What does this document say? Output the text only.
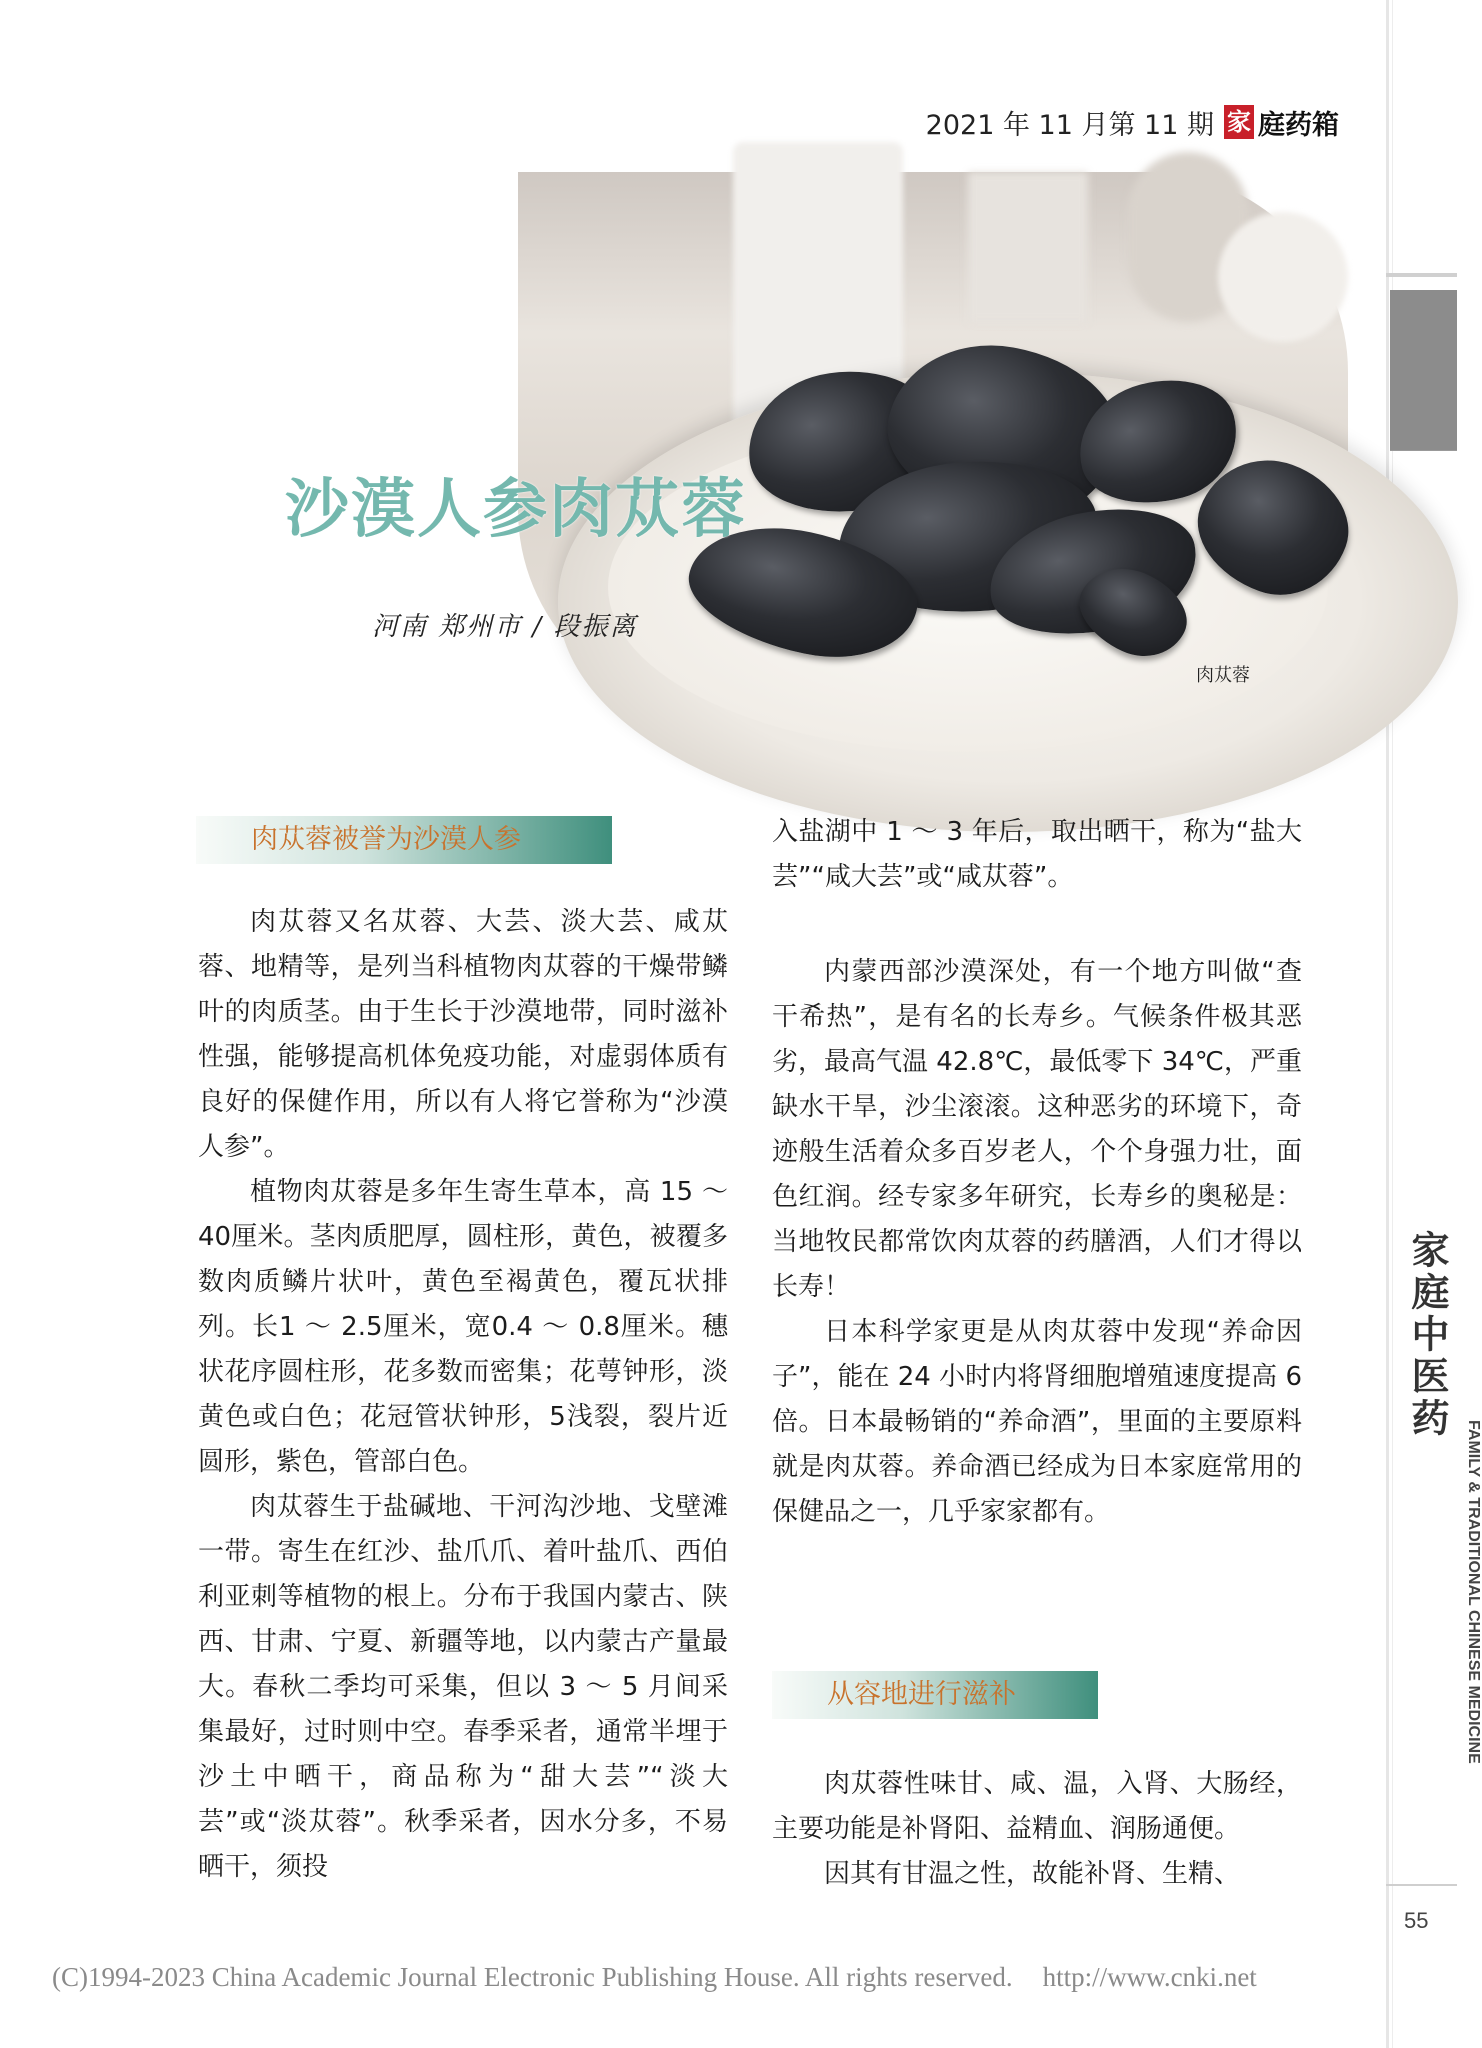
2021 年 11 月第 11 期 家 庭药箱
家庭中医药
FAMILY & TRADITIONAL CHINESE MEDICINE
55
沙漠人参肉苁蓉
河南 郑州市 / 段振离
肉苁蓉
肉苁蓉被誉为沙漠人参

肉苁蓉又名苁蓉、大芸、淡大芸、咸苁蓉、地精等，是列当科植物肉苁蓉的干燥带鳞叶的肉质茎。由于生长于沙漠地带，同时滋补性强，能够提高机体免疫功能，对虚弱体质有良好的保健作用，所以有人将它誉称为“沙漠人参”。

植物肉苁蓉是多年生寄生草本，高 15 ～ 40厘米。茎肉质肥厚，圆柱形，黄色，被覆多数肉质鳞片状叶，黄色至褐黄色，覆瓦状排列。长1 ～ 2.5厘米，宽0.4 ～ 0.8厘米。穗状花序圆柱形，花多数而密集；花萼钟形，淡黄色或白色；花冠管状钟形，5浅裂，裂片近圆形，紫色，管部白色。

肉苁蓉生于盐碱地、干河沟沙地、戈壁滩一带。寄生在红沙、盐爪爪、着叶盐爪、西伯利亚刺等植物的根上。分布于我国内蒙古、陕西、甘肃、宁夏、新疆等地，以内蒙古产量最大。春秋二季均可采集，但以 3 ～ 5 月间采集最好，过时则中空。春季采者，通常半埋于沙土中晒干，商品称为“甜大芸”“淡大芸”或“淡苁蓉”。秋季采者，因水分多，不易晒干，须投

入盐湖中 1 ～ 3 年后，取出晒干，称为“盐大芸”“咸大芸”或“咸苁蓉”。

内蒙西部沙漠深处，有一个地方叫做“查干希热”，是有名的长寿乡。气候条件极其恶劣，最高气温 42.8℃，最低零下 34℃，严重缺水干旱，沙尘滚滚。这种恶劣的环境下，奇迹般生活着众多百岁老人，个个身强力壮，面色红润。经专家多年研究，长寿乡的奥秘是：当地牧民都常饮肉苁蓉的药膳酒，人们才得以长寿！

日本科学家更是从肉苁蓉中发现“养命因子”，能在 24 小时内将肾细胞增殖速度提高 6 倍。日本最畅销的“养命酒”，里面的主要原料就是肉苁蓉。养命酒已经成为日本家庭常用的保健品之一，几乎家家都有。

从容地进行滋补

肉苁蓉性味甘、咸、温，入肾、大肠经，主要功能是补肾阳、益精血、润肠通便。

因其有甘温之性，故能补肾、生精、

(C)1994-2023 China Academic Journal Electronic Publishing House. All rights reserved. http://www.cnki.net
